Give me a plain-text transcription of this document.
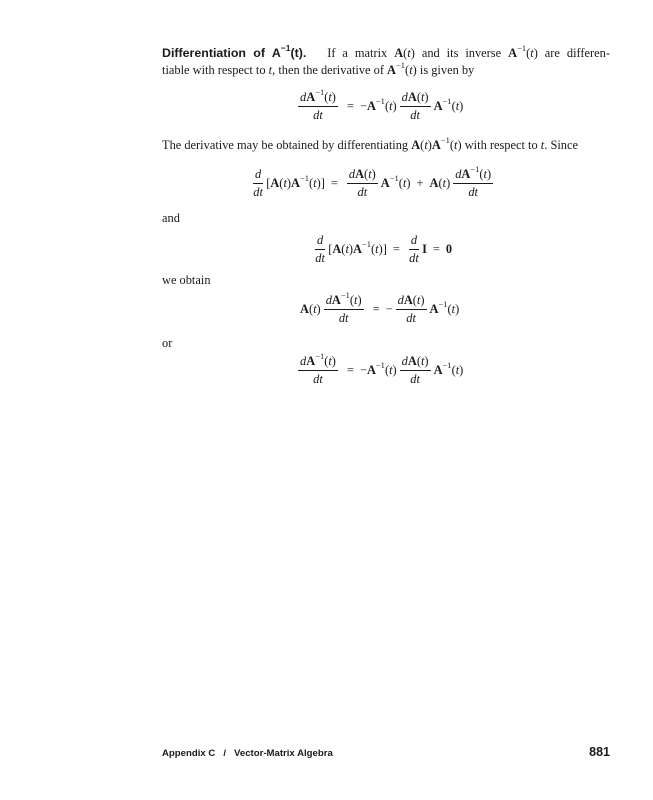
Differentiation of $A^{-1}(t)$. If a matrix A(t) and its inverse $A^{-1}(t)$ are differen-
tiable with respect to t, then the derivative of $A^{-1}(t)$ is given by
$\frac{dA^{-1}(t)}{dt} = -A^{-1}(t) \frac{dA(t)}{dt} A^{-1}(t)$
The derivative may be obtained by differentiating $A(t)A^{-1}(t)$ with respect to t. Since
$\frac{d}{dt} [A(t)A^{-1}(t)] = \frac{dA(t)}{dt} A^{-1}(t) + A(t) \frac{dA^{-1}(t)}{dt}$
and
$\frac{d}{dt} [A(t)A^{-1}(t)] = \frac{d}{dt}$ I = 0
we obtain
$A(t) \frac{dA^{-1}(t)}{dt}$ = − $\frac{dA(t)}{dt} A^{-1}(t)$
or
$\frac{dA^{-1}(t)}{dt} = -A^{-1}(t) \frac{dA(t)}{dt} A^{-1}(t)$
Appendix C / Vector-Matrix Algebra	881
